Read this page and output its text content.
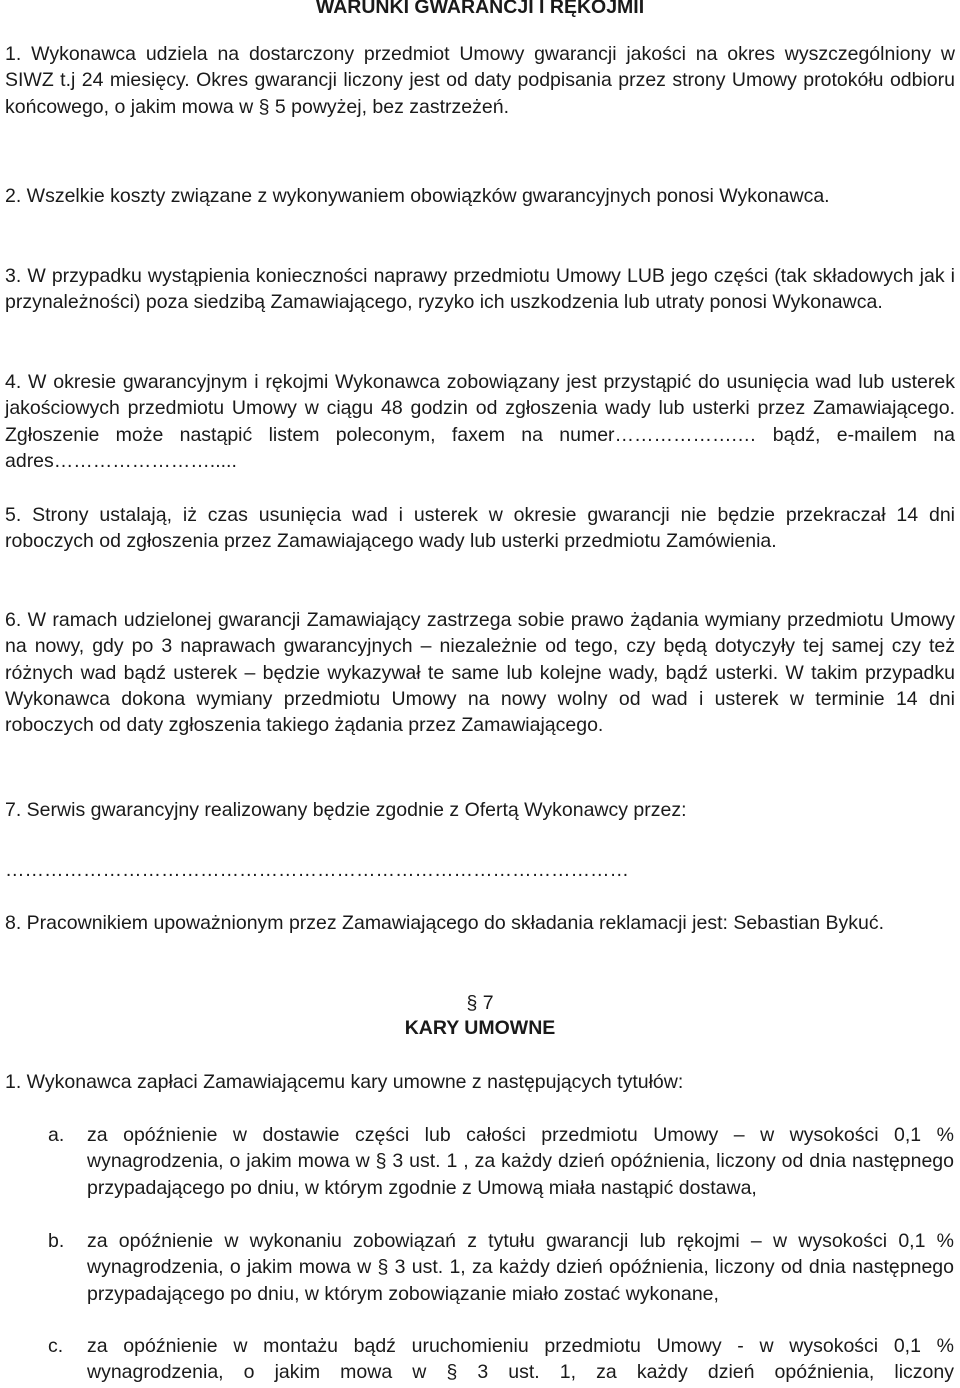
WARUNKI GWARANCJI I RĘKOJMII

1. Wykonawca udziela na dostarczony przedmiot Umowy gwarancji jakości na okres wyszczególniony w SIWZ t.j 24 miesięcy. Okres gwarancji liczony jest od daty podpisania przez strony Umowy protokółu odbioru końcowego, o jakim mowa w § 5 powyżej, bez zastrzeżeń.

2. Wszelkie koszty związane z wykonywaniem obowiązków gwarancyjnych ponosi Wykonawca.

3. W przypadku wystąpienia konieczności naprawy przedmiotu Umowy LUB jego części (tak składowych jak i przynależności) poza siedzibą Zamawiającego, ryzyko ich uszkodzenia lub utraty ponosi Wykonawca.

4. W okresie gwarancyjnym i rękojmi Wykonawca zobowiązany jest przystąpić do usunięcia wad lub usterek jakościowych przedmiotu Umowy w ciągu 48 godzin od zgłoszenia wady lub usterki przez Zamawiającego. Zgłoszenie może nastąpić listem poleconym, faxem na numer……………….… bądź, e-mailem na adres…………………….....

5. Strony ustalają, iż czas usunięcia wad i usterek w okresie gwarancji nie będzie przekraczał 14 dni roboczych od zgłoszenia przez Zamawiającego wady lub usterki przedmiotu Zamówienia.

6. W ramach udzielonej gwarancji Zamawiający zastrzega sobie prawo żądania wymiany przedmiotu Umowy na nowy, gdy po 3 naprawach gwarancyjnych – niezależnie od tego, czy będą dotyczyły tej samej czy też różnych wad bądź usterek – będzie wykazywał te same lub kolejne wady, bądź usterki. W takim przypadku Wykonawca dokona wymiany przedmiotu Umowy na nowy wolny od wad i usterek w terminie 14 dni roboczych od daty zgłoszenia takiego żądania przez Zamawiającego.

7. Serwis gwarancyjny realizowany będzie zgodnie z Ofertą Wykonawcy przez:

……………………………………………………………………………………

8. Pracownikiem upoważnionym przez Zamawiającego do składania reklamacji jest: Sebastian Bykuć.

§ 7

KARY UMOWNE

1. Wykonawca zapłaci Zamawiającemu kary umowne z następujących tytułów:

a.	za opóźnienie w dostawie części lub całości przedmiotu Umowy – w wysokości 0,1 % wynagrodzenia, o jakim mowa w § 3 ust. 1 , za każdy dzień opóźnienia, liczony od dnia następnego przypadającego po dniu, w którym zgodnie z Umową miała nastąpić dostawa,
b.	za opóźnienie w wykonaniu zobowiązań z tytułu gwarancji lub rękojmi – w wysokości 0,1 % wynagrodzenia, o jakim mowa w § 3 ust. 1, za każdy dzień opóźnienia, liczony od dnia następnego przypadającego po dniu, w którym zobowiązanie miało zostać wykonane,
c.	za opóźnienie w montażu bądź uruchomieniu przedmiotu Umowy - w wysokości 0,1 % wynagrodzenia, o jakim mowa w § 3 ust. 1, za każdy dzień opóźnienia, liczony
